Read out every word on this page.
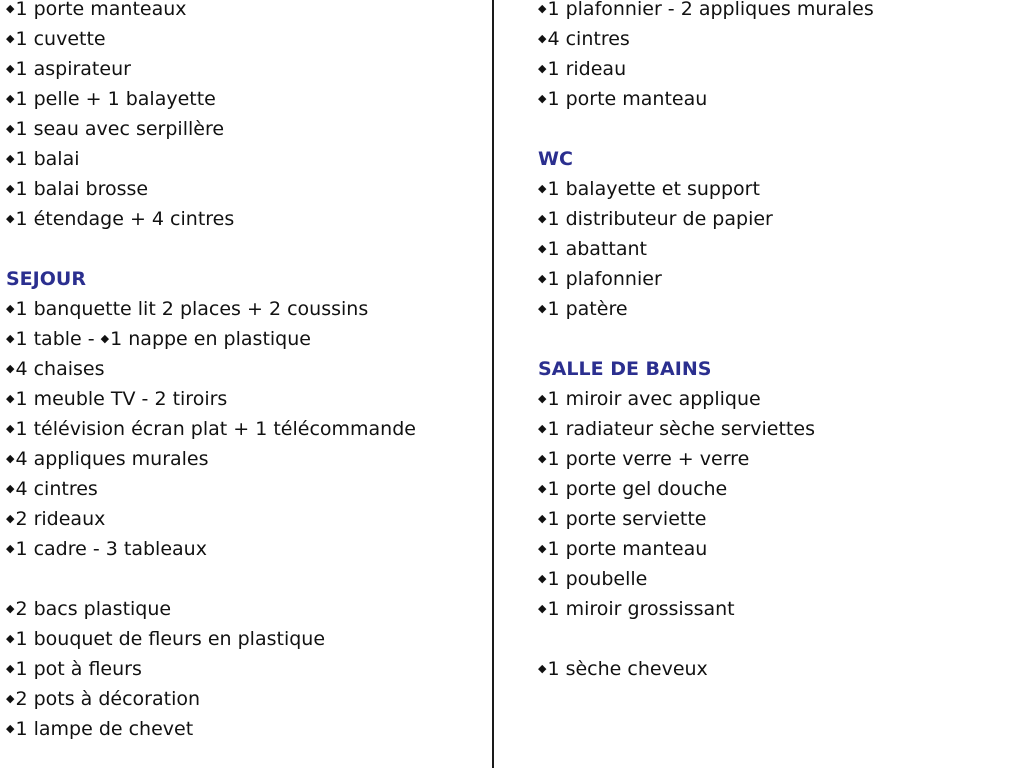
◆1 porte manteaux
◆1 cuvette
◆1 aspirateur
◆1 pelle + 1 balayette
◆1 seau avec serpillère
◆1 balai
◆1 balai brosse
◆1 étendage + 4 cintres

SEJOUR
◆1 banquette lit 2 places + 2 coussins
◆1 table - ◆1 nappe en plastique
◆4 chaises
◆1 meuble TV - 2 tiroirs
◆1 télévision écran plat + 1 télécommande
◆4 appliques murales
◆4 cintres
◆2 rideaux
◆1 cadre - 3 tableaux

◆2 bacs plastique
◆1 bouquet de fleurs en plastique
◆1 pot à fleurs
◆2 pots à décoration
◆1 lampe de chevet
◆1 plafonnier - 2 appliques murales
◆4 cintres
◆1 rideau
◆1 porte manteau

WC
◆1 balayette et support
◆1 distributeur de papier
◆1 abattant
◆1 plafonnier
◆1 patère

SALLE DE BAINS
◆1 miroir avec applique
◆1 radiateur sèche serviettes
◆1 porte verre + verre
◆1 porte gel douche
◆1 porte serviette
◆1 porte manteau
◆1 poubelle
◆1 miroir grossissant

◆1 sèche cheveux
